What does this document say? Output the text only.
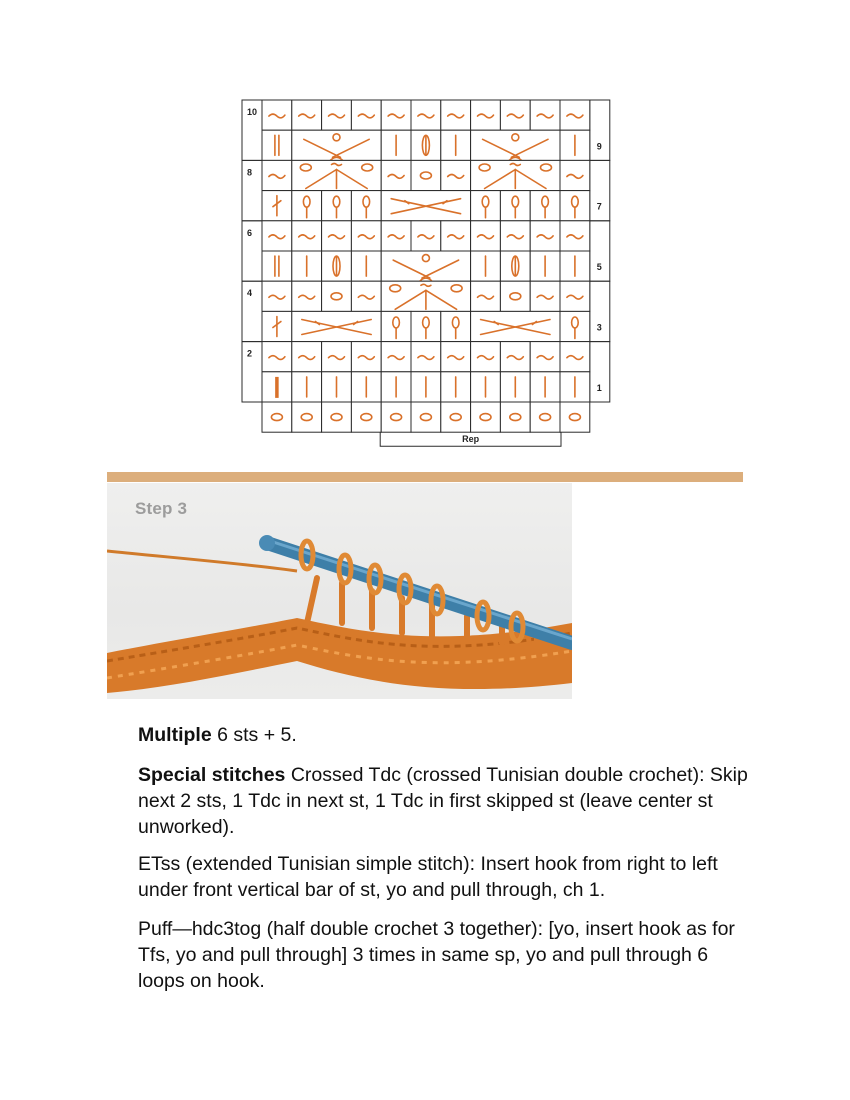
10
9
8
7
6
5
4
3
2
1
Rep
Step 3
Multiple 6 sts + 5.
Special stitches Crossed Tdc (crossed Tunisian double crochet): Skip next 2 sts, 1 Tdc in next st, 1 Tdc in first skipped st (leave center st unworked).
ETss (extended Tunisian simple stitch): Insert hook from right to left under front vertical bar of st, yo and pull through, ch 1.
Puff—hdc3tog (half double crochet 3 together): [yo, insert hook as for Tfs, yo and pull through] 3 times in same sp, yo and pull through 6 loops on hook.
